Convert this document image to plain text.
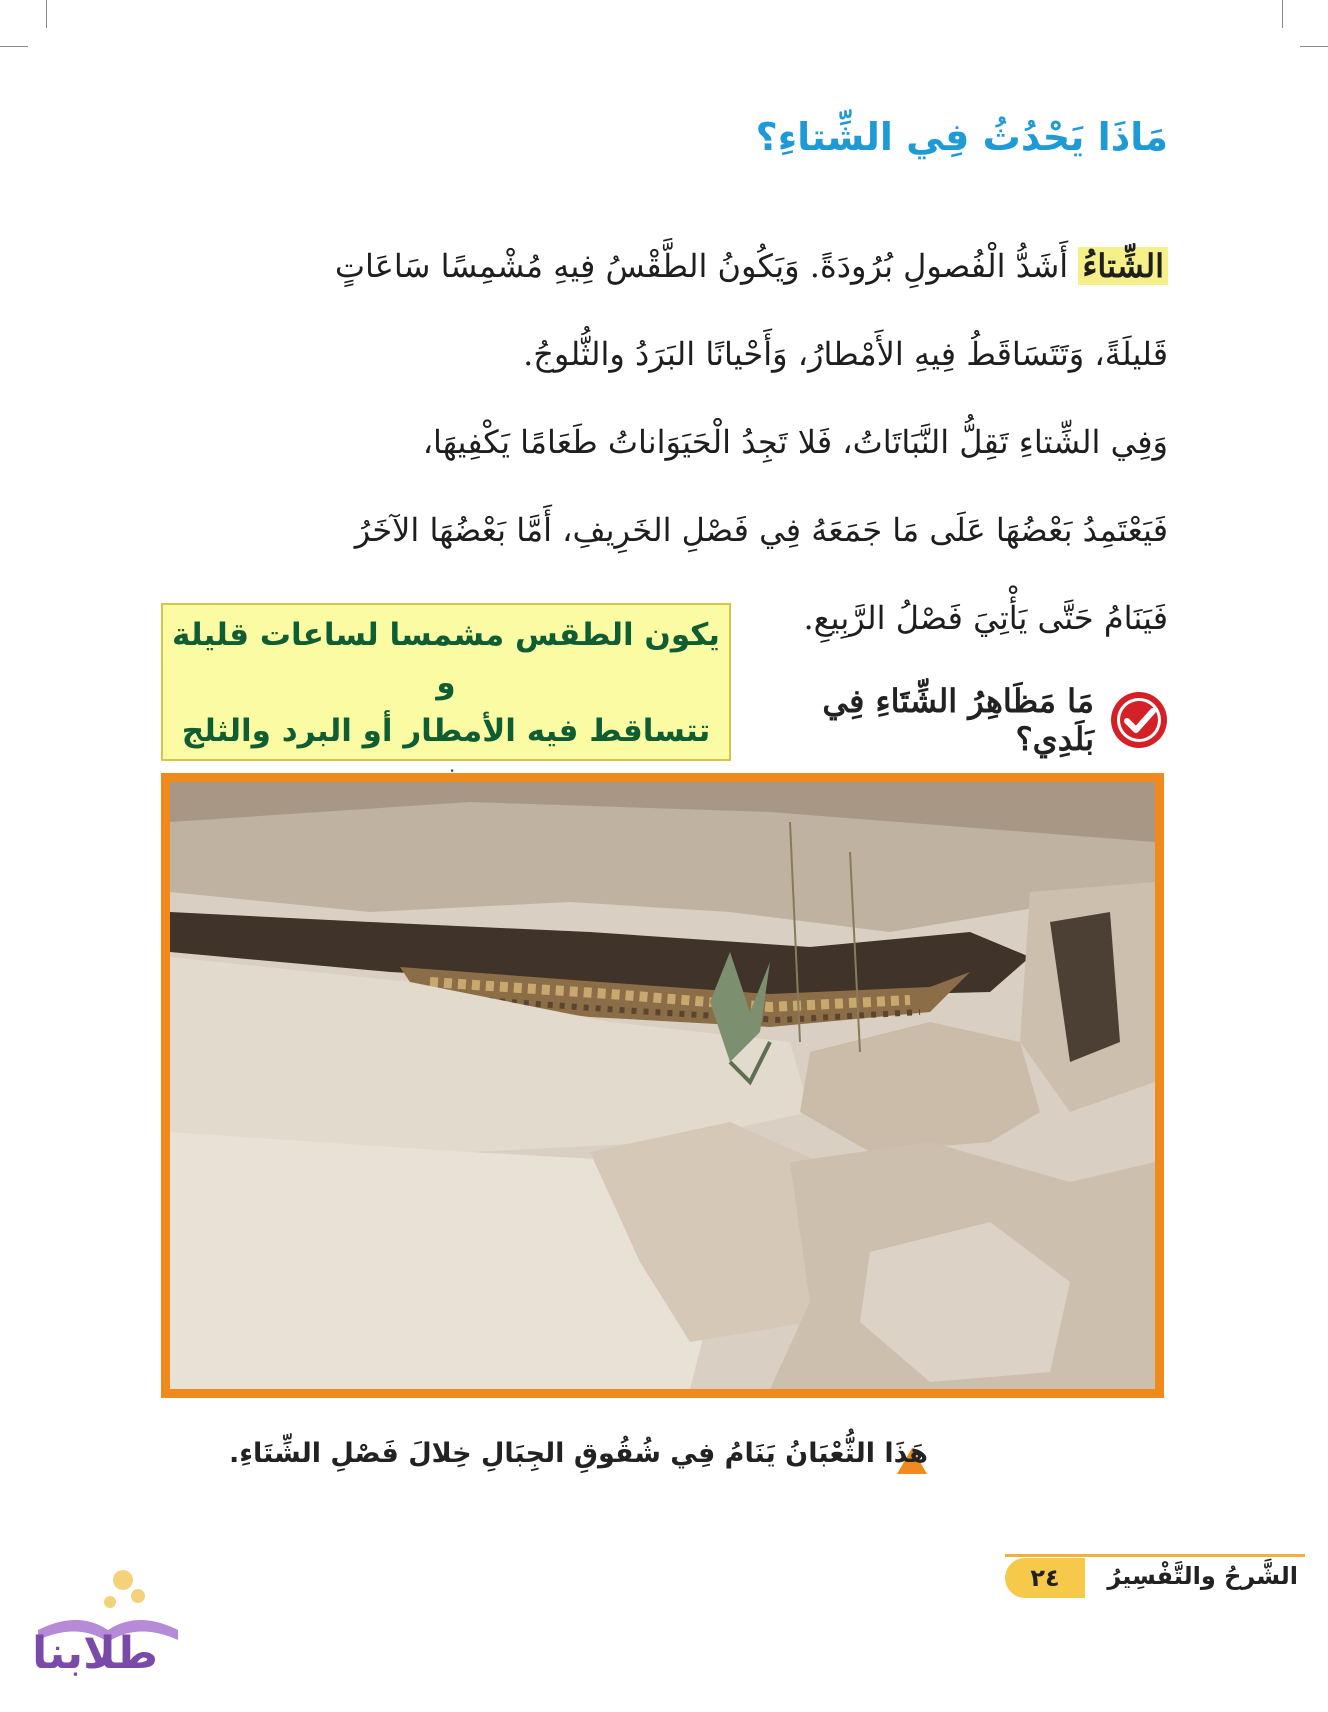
مَاذَا يَحْدُثُ فِي الشِّتاءِ؟

الشِّتاءُ أَشَدُّ الْفُصولِ بُرُودَةً. وَيَكُونُ الطَّقْسُ فِيهِ مُشْمِسًا سَاعَاتٍ

قَليلَةً، وَتَتَسَاقَطُ فِيهِ الأَمْطارُ، وَأَحْيانًا البَرَدُ والثُّلوجُ.

وَفِي الشِّتاءِ تَقِلُّ النَّبَاتَاتُ، فَلا تَجِدُ الْحَيَوَاناتُ طَعَامًا يَكْفِيهَا،

فَيَعْتَمِدُ بَعْضُهَا عَلَى مَا جَمَعَهُ فِي فَصْلِ الخَرِيفِ، أَمَّا بَعْضُهَا الآخَرُ

فَيَنَامُ حَتَّى يَأْتِيَ فَصْلُ الرَّبِيعِ.

يكون الطقس مشمسا لساعات قليلة و
تتساقط فيه الأمطار أو البرد والثلج
مَا مَظَاهِرُ الشِّتَاءِ فِي بَلَدِي؟
هَذَا الثُّعْبَانُ يَنَامُ فِي شُقُوقِ الجِبَالِ خِلالَ فَصْلِ الشِّتَاءِ.
٢٤	الشَّرحُ والتَّفْسِيرُ
طلابنا
